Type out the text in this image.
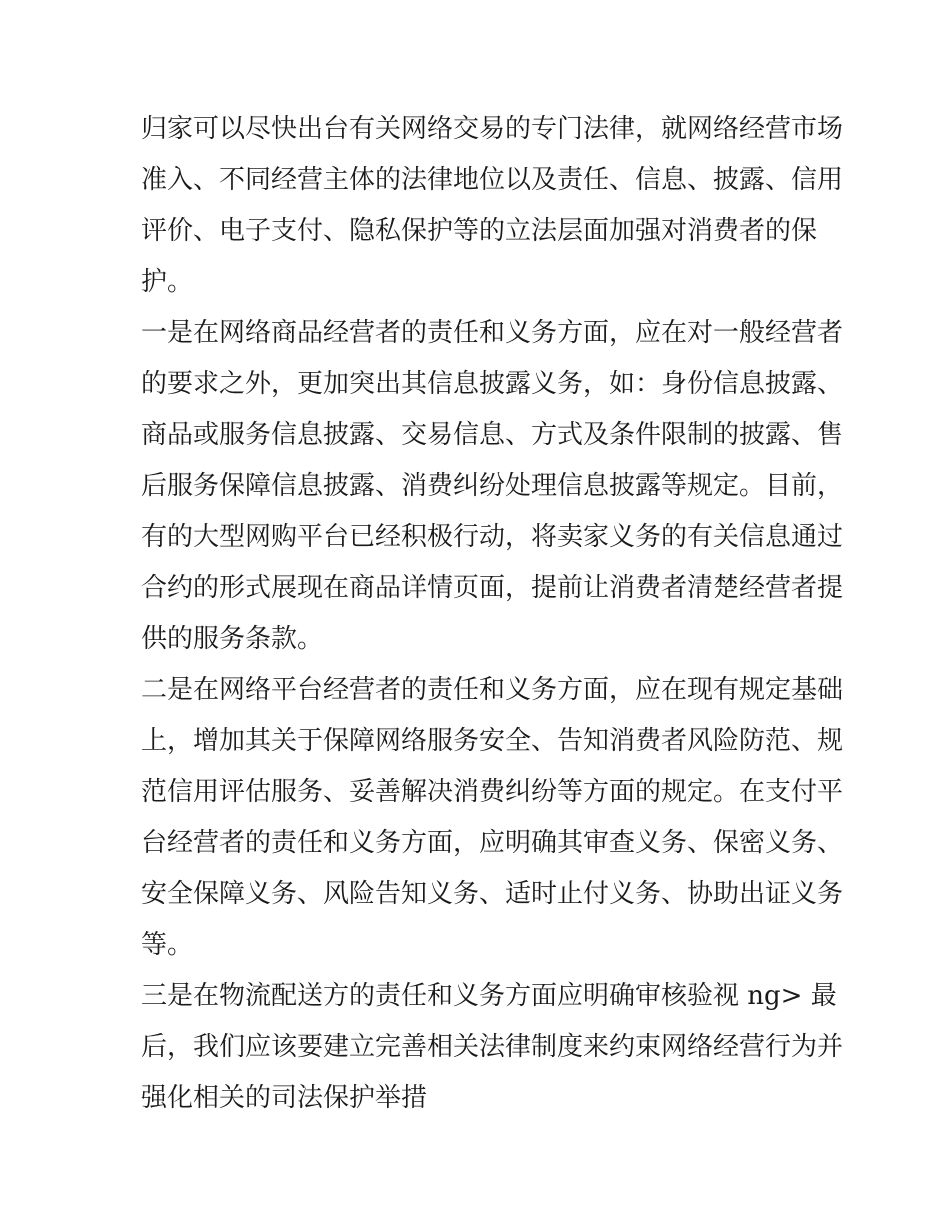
归家可以尽快出台有关网络交易的专门法律，就网络经营市场
准入、不同经营主体的法律地位以及责任、信息、披露、信用
评价、电子支付、隐私保护等的立法层面加强对消费者的保
护。
一是在网络商品经营者的责任和义务方面，应在对一般经营者
的要求之外，更加突出其信息披露义务，如：身份信息披露、
商品或服务信息披露、交易信息、方式及条件限制的披露、售
后服务保障信息披露、消费纠纷处理信息披露等规定。目前，
有的大型网购平台已经积极行动，将卖家义务的有关信息通过
合约的形式展现在商品详情页面，提前让消费者清楚经营者提
供的服务条款。
二是在网络平台经营者的责任和义务方面，应在现有规定基础
上，增加其关于保障网络服务安全、告知消费者风险防范、规
范信用评估服务、妥善解决消费纠纷等方面的规定。在支付平
台经营者的责任和义务方面，应明确其审查义务、保密义务、
安全保障义务、风险告知义务、适时止付义务、协助出证义务
等。
三是在物流配送方的责任和义务方面应明确审核验视 ng> 最
后，我们应该要建立完善相关法律制度来约束网络经营行为并
强化相关的司法保护举措
